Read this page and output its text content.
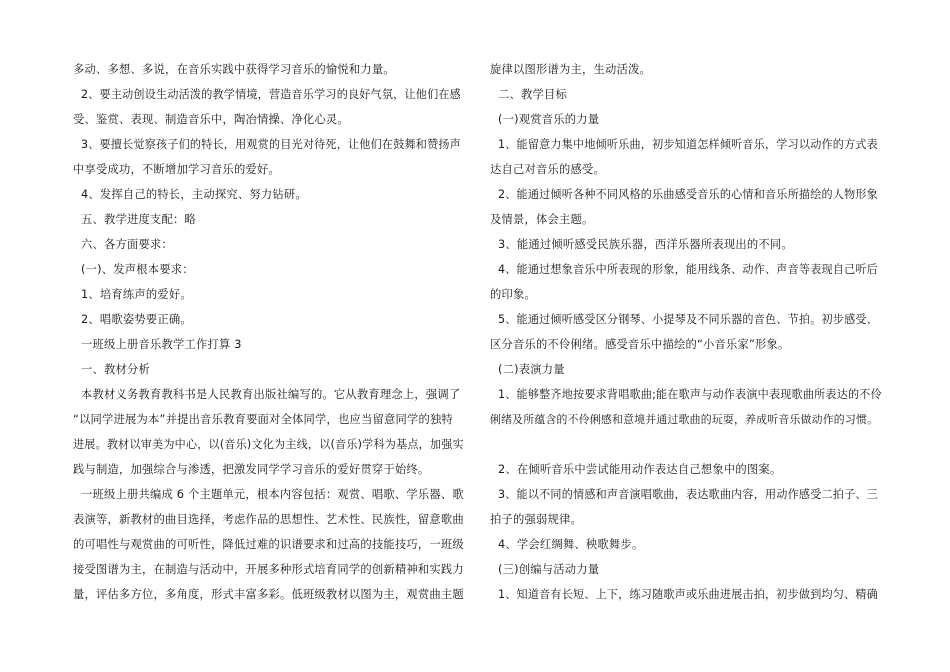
多动、多想、多说，在音乐实践中获得学习音乐的愉悦和力量。
2、要主动创设生动活泼的教学情境，营造音乐学习的良好气氛，让他们在感
受、鉴赏、表现、制造音乐中，陶冶情操、净化心灵。
3、要擅长觉察孩子们的特长，用观赏的目光对待死，让他们在鼓舞和赞扬声
中享受成功，不断增加学习音乐的爱好。
4、发挥自己的特长，主动探究、努力钻研。
五、教学进度支配：略
六、各方面要求：
(一)、发声根本要求：
1、培育练声的爱好。
2、唱歌姿势要正确。
一班级上册音乐教学工作打算 3
一、教材分析
本教材义务教育教科书是人民教育出版社编写的。它从教育理念上，强调了
“以同学进展为本”并提出音乐教育要面对全体同学，也应当留意同学的独特
进展。教材以审美为中心，以(音乐)文化为主线，以(音乐)学科为基点，加强实
践与制造，加强综合与渗透，把激发同学学习音乐的爱好贯穿于始终。
一班级上册共编成 6 个主题单元，根本内容包括：观赏、唱歌、学乐器、歌
表演等，新教材的曲目选择，考虑作品的思想性、艺术性、民族性，留意歌曲
的可唱性与观赏曲的可听性，降低过难的识谱要求和过高的技能技巧，一班级
接受图谱为主，在制造与活动中，开展多种形式培育同学的创新精神和实践力
量，评估多方位，多角度，形式丰富多彩。低班级教材以图为主，观赏曲主题
旋律以图形谱为主，生动活泼。
二、教学目标
(一)观赏音乐的力量
1、能留意力集中地倾听乐曲，初步知道怎样倾听音乐，学习以动作的方式表
达自己对音乐的感受。
2、能通过倾听各种不同风格的乐曲感受音乐的心情和音乐所描绘的人物形象
及情景，体会主题。
3、能通过倾听感受民族乐器，西洋乐器所表现出的不同。
4、能通过想象音乐中所表现的形象，能用线条、动作、声音等表现自己听后
的印象。
5、能通过倾听感受区分钢琴、小提琴及不同乐器的音色、节拍。初步感受、
区分音乐的不伶俐绪。感受音乐中描绘的“小音乐家”形象。
(二)表演力量
1、能够整齐地按要求背唱歌曲;能在歌声与动作表演中表现歌曲所表达的不伶
俐绪及所蕴含的不伶俐感和意境并通过歌曲的玩耍，养成听音乐做动作的习惯。
2、在倾听音乐中尝试能用动作表达自己想象中的图案。
3、能以不同的情感和声音演唱歌曲，表达歌曲内容，用动作感受二拍子、三
拍子的强弱规律。
4、学会红绸舞、秧歌舞步。
(三)创编与活动力量
1、知道音有长短、上下，练习随歌声或乐曲进展击拍，初步做到均匀、精确
